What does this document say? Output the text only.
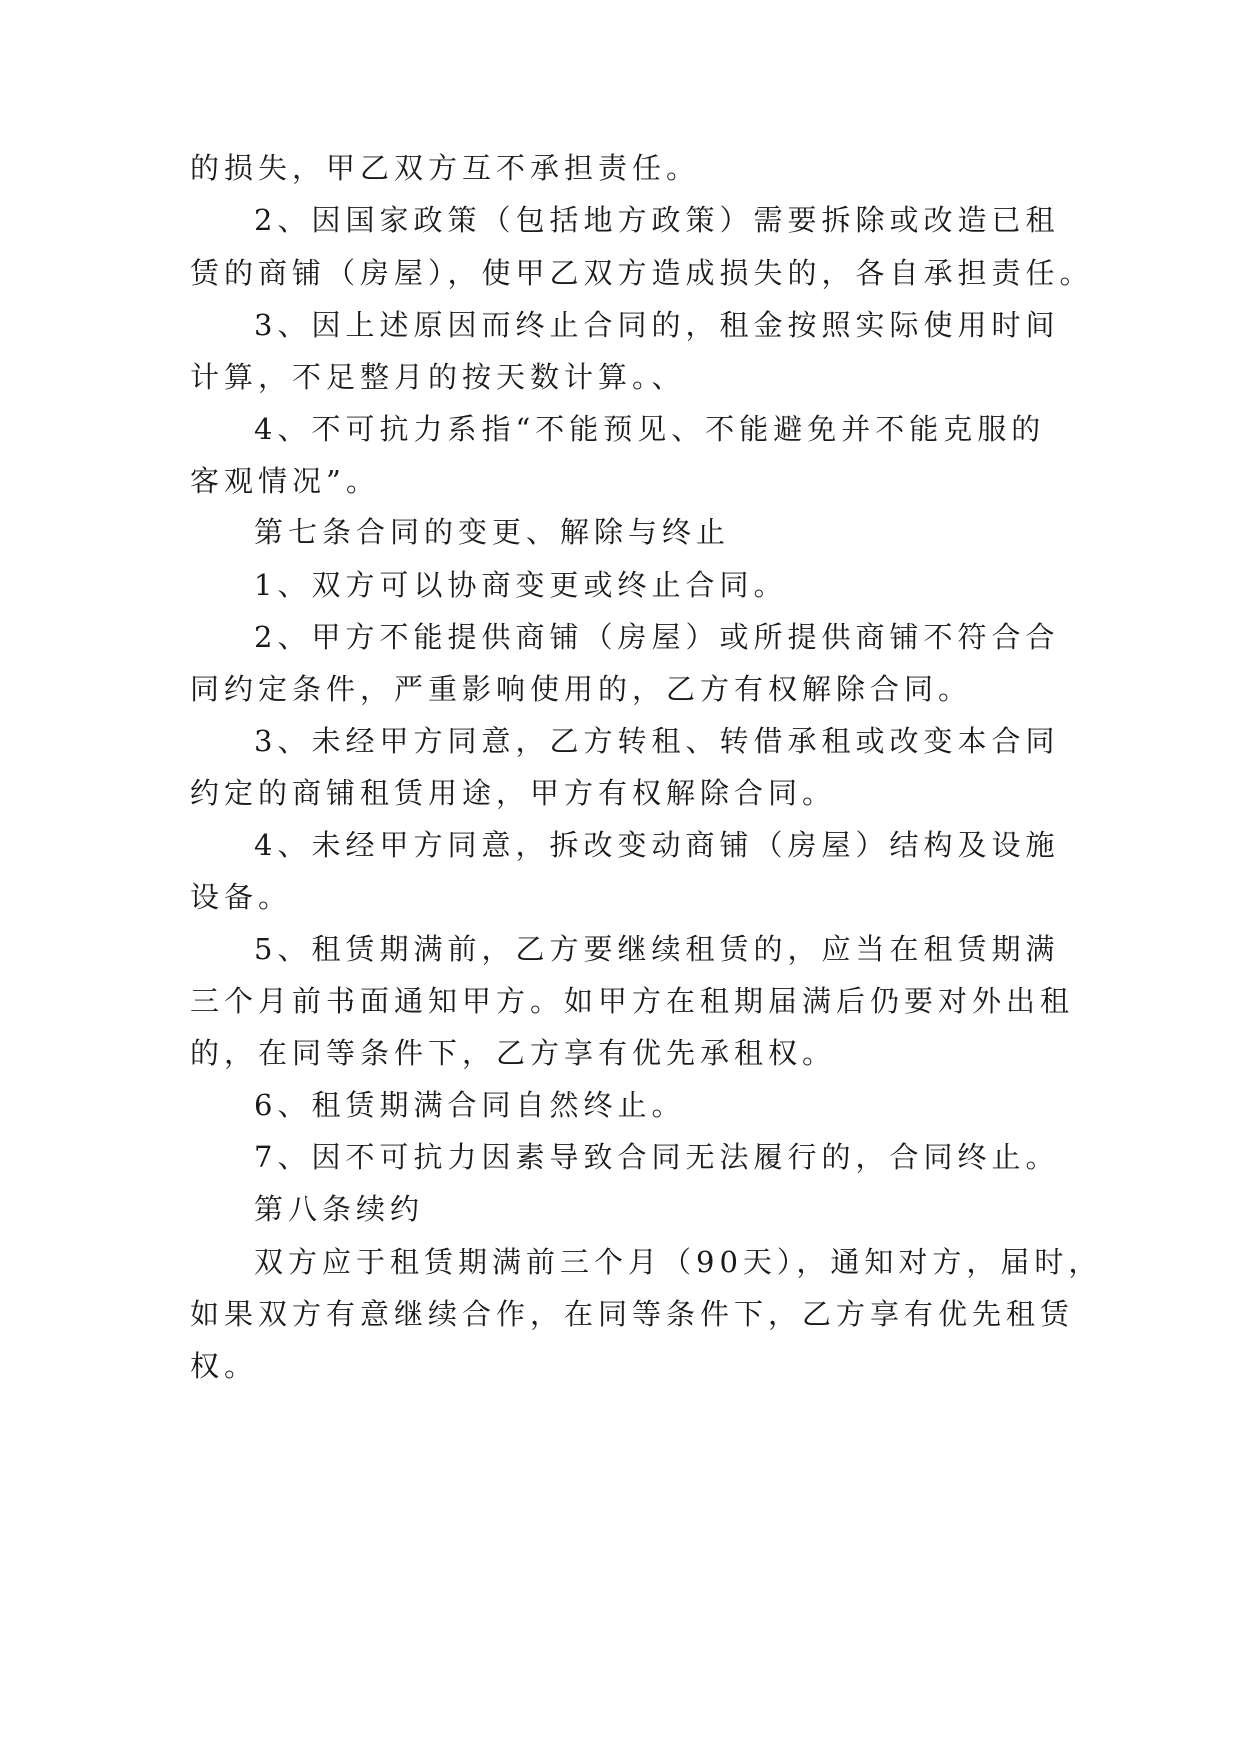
的损失，甲乙双方互不承担责任。
2、因国家政策（包括地方政策）需要拆除或改造已租
赁的商铺（房屋），使甲乙双方造成损失的，各自承担责任。
3、因上述原因而终止合同的，租金按照实际使用时间
计算，不足整月的按天数计算。、
4、不可抗力系指“不能预见、不能避免并不能克服的
客观情况”。
第七条合同的变更、解除与终止
1、双方可以协商变更或终止合同。
2、甲方不能提供商铺（房屋）或所提供商铺不符合合
同约定条件，严重影响使用的，乙方有权解除合同。
3、未经甲方同意，乙方转租、转借承租或改变本合同
约定的商铺租赁用途，甲方有权解除合同。
4、未经甲方同意，拆改变动商铺（房屋）结构及设施
设备。
5、租赁期满前，乙方要继续租赁的，应当在租赁期满
三个月前书面通知甲方。如甲方在租期届满后仍要对外出租
的，在同等条件下，乙方享有优先承租权。
6、租赁期满合同自然终止。
7、因不可抗力因素导致合同无法履行的，合同终止。
第八条续约
双方应于租赁期满前三个月（90天），通知对方，届时，
如果双方有意继续合作，在同等条件下，乙方享有优先租赁
权。
